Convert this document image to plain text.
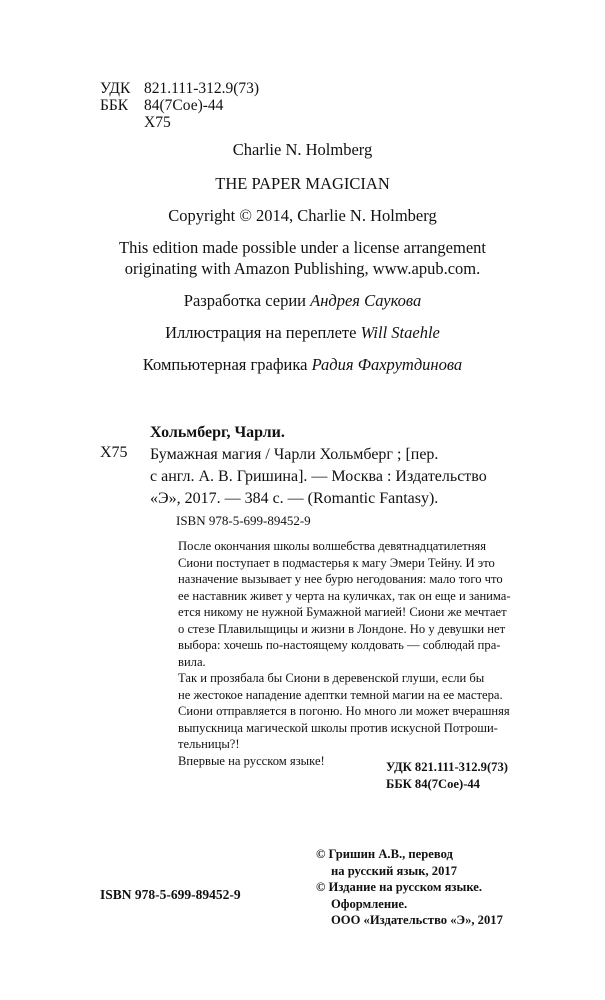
УДК 821.111-312.9(73)
ББК 84(7Сое)-44
Х75
Charlie N. Holmberg
THE PAPER MAGICIAN
Copyright © 2014, Charlie N. Holmberg
This edition made possible under a license arrangement
originating with Amazon Publishing, www.apub.com.
Разработка серии Андрея Саукова
Иллюстрация на переплете Will Staehle
Компьютерная графика Радия Фахрутдинова
Х75
Хольмберг, Чарли.
Бумажная магия / Чарли Хольмберг ; [пер.
с англ. А. В. Гришина]. — Москва : Издательство
«Э», 2017. — 384 с. — (Romantic Fantasy).
ISBN 978-5-699-89452-9

После окончания школы волшебства девятнадцатилетняя

Сиони поступает в подмастерья к магу Эмери Тейну. И это

назначение вызывает у нее бурю негодования: мало того что

ее наставник живет у черта на куличках, так он еще и занима-

ется никому не нужной Бумажной магией! Сиони же мечтает

о стезе Плавилыщицы и жизни в Лондоне. Но у девушки нет

выбора: хочешь по-настоящему колдовать — соблюдай пра-

вила.

Так и прозябала бы Сиони в деревенской глуши, если бы

не жестокое нападение адептки темной магии на ее мастера.

Сиони отправляется в погоню. Но много ли может вчерашняя

выпускница магической школы против искусной Потроши-

тельницы?!

Впервые на русском языке!	УДК 821.111-312.9(73)
ББК 84(7Сое)-44
© Гришин А.В., перевод
на русский язык, 2017
© Издание на русском языке.
Оформление.
ООО «Издательство «Э», 2017
ISBN 978-5-699-89452-9
